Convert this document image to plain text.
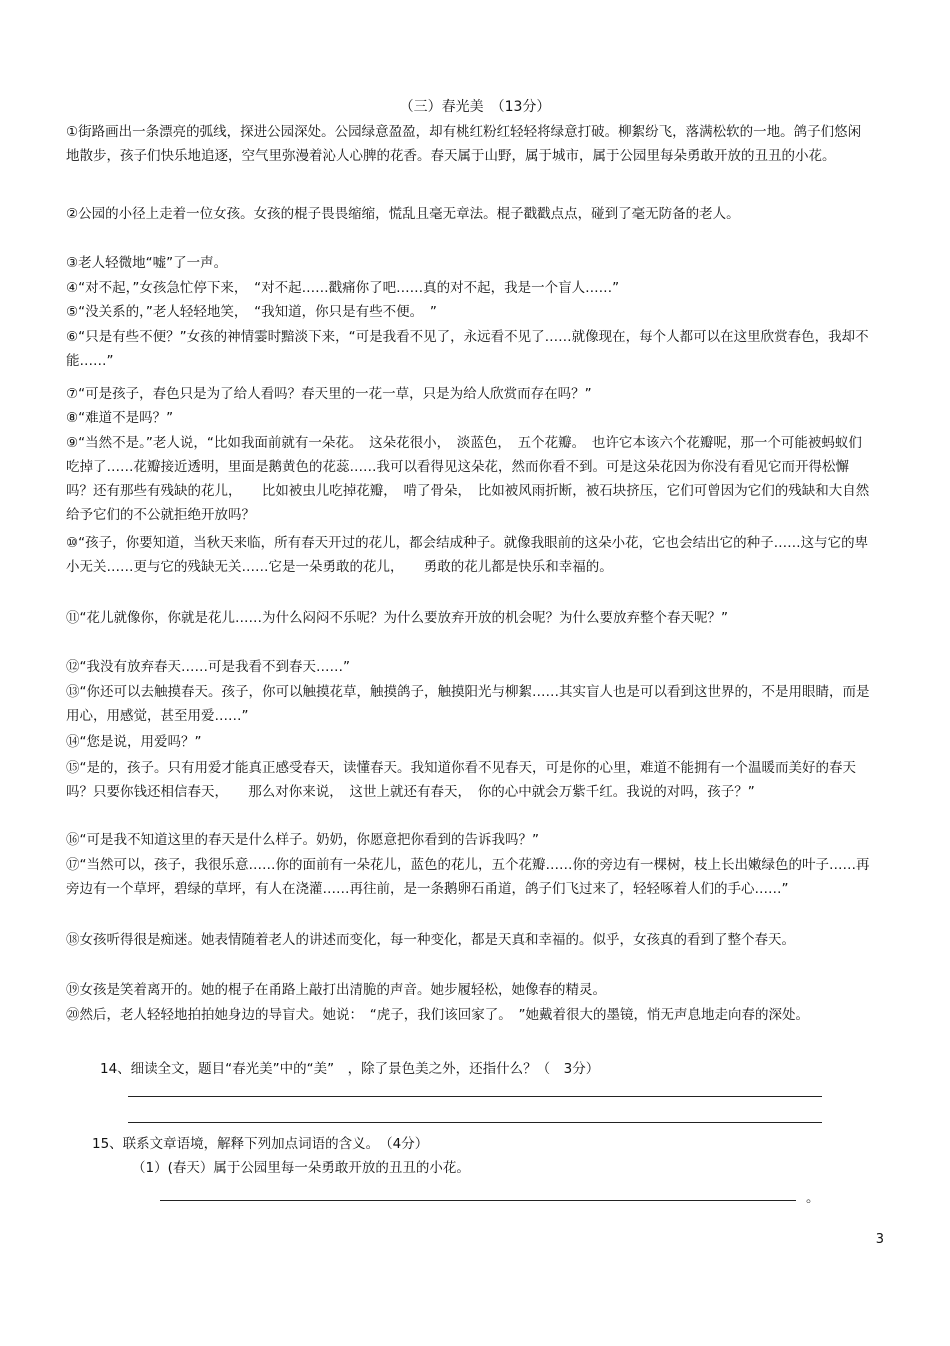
（三）春光美　（13分）
①街路画出一条漂亮的弧线，探进公园深处。公园绿意盈盈，却有桃红粉红轻轻将绿意打破。柳絮纷飞，落满松软的一地。鸽子们悠闲地散步，孩子们快乐地追逐，空气里弥漫着沁人心脾的花香。春天属于山野，属于城市，属于公园里每朵勇敢开放的丑丑的小花。
②公园的小径上走着一位女孩。女孩的棍子畏畏缩缩，慌乱且毫无章法。棍子戳戳点点，碰到了毫无防备的老人。
③老人轻微地“嘘”了一声。
④“对不起，”女孩急忙停下来，　“对不起……戳痛你了吧……真的对不起，我是一个盲人……”
⑤“没关系的，”老人轻轻地笑，　“我知道，你只是有些不便。　”
⑥“只是有些不便？”女孩的神情霎时黯淡下来，“可是我看不见了，永远看不见了……就像现在，每个人都可以在这里欣赏春色，我却不能……”
⑦“可是孩子，春色只是为了给人看吗？春天里的一花一草，只是为给人欣赏而存在吗？”
⑧“难道不是吗？”
⑨“当然不是。”老人说，“比如我面前就有一朵花。　这朵花很小，　淡蓝色，　五个花瓣。　也许它本该六个花瓣呢，那一个可能被蚂蚁们吃掉了……花瓣接近透明，里面是鹅黄色的花蕊……我可以看得见这朵花，然而你看不到。可是这朵花因为你没有看见它而开得松懈吗？还有那些有残缺的花儿，　　比如被虫儿吃掉花瓣，　啃了骨朵，　比如被风雨折断，被石块挤压，它们可曾因为它们的残缺和大自然给予它们的不公就拒绝开放吗？
⑩“孩子，你要知道，当秋天来临，所有春天开过的花儿，都会结成种子。就像我眼前的这朵小花，它也会结出它的种子……这与它的卑小无关……更与它的残缺无关……它是一朵勇敢的花儿，　　勇敢的花儿都是快乐和幸福的。
⑪“花儿就像你，你就是花儿……为什么闷闷不乐呢？为什么要放弃开放的机会呢？为什么要放弃整个春天呢？”
⑫“我没有放弃春天……可是我看不到春天……”
⑬“你还可以去触摸春天。孩子，你可以触摸花草，触摸鸽子，触摸阳光与柳絮……其实盲人也是可以看到这世界的，不是用眼睛，而是用心，用感觉，甚至用爱……”
⑭“您是说，用爱吗？”
⑮“是的，孩子。只有用爱才能真正感受春天，读懂春天。我知道你看不见春天，可是你的心里，难道不能拥有一个温暖而美好的春天吗？只要你钱还相信春天，　　那么对你来说，　这世上就还有春天，　你的心中就会万紫千红。我说的对吗，孩子？”
⑯“可是我不知道这里的春天是什么样子。奶奶，你愿意把你看到的告诉我吗？”
⑰“当然可以，孩子，我很乐意……你的面前有一朵花儿，蓝色的花儿，五个花瓣……你的旁边有一棵树，枝上长出嫩绿色的叶子……再旁边有一个草坪，碧绿的草坪，有人在浇灌……再往前，是一条鹅卵石甬道，鸽子们飞过来了，轻轻啄着人们的手心……”
⑱女孩听得很是痴迷。她表情随着老人的讲述而变化，每一种变化，都是天真和幸福的。似乎，女孩真的看到了整个春天。
⑲女孩是笑着离开的。她的棍子在甬路上敲打出清脆的声音。她步履轻松，她像春的精灵。
⑳然后，老人轻轻地拍拍她身边的导盲犬。她说：　“虎子，我们该回家了。　”她戴着很大的墨镜，悄无声息地走向春的深处。
14、细读全文，题目“春光美”中的“美”　，除了景色美之外，还指什么？（　3分）
15、联系文章语境，解释下列加点词语的含义。　（4分）
（1）(春天）属于公园里每一朵勇敢开放的丑丑的小花。
。
3
